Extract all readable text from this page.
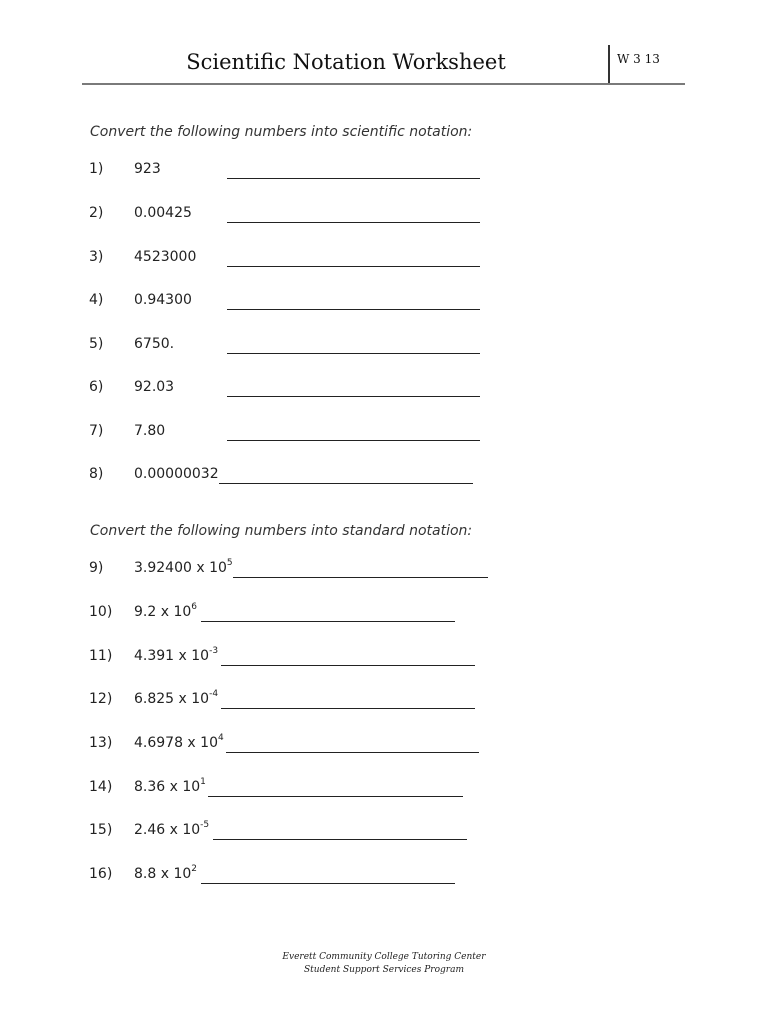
Scientific Notation Worksheet	W 3 13
Convert the following numbers into scientific notation:
1) 923
2) 0.00425
3) 4523000
4) 0.94300
5) 6750.
6) 92.03
7) 7.80
8) 0.00000032
Convert the following numbers into standard notation:
9) 3.92400 x $10^5$
10) 9.2 x $10^6$
11) 4.391 x $10^{-3}$
12) 6.825 x $10^{-4}$
13) 4.6978 x $10^4$
14) 8.36 x $10^1$
15) 2.46 x $10^{-5}$
16) 8.8 x $10^2$
Everett Community College Tutoring Center
Student Support Services Program
